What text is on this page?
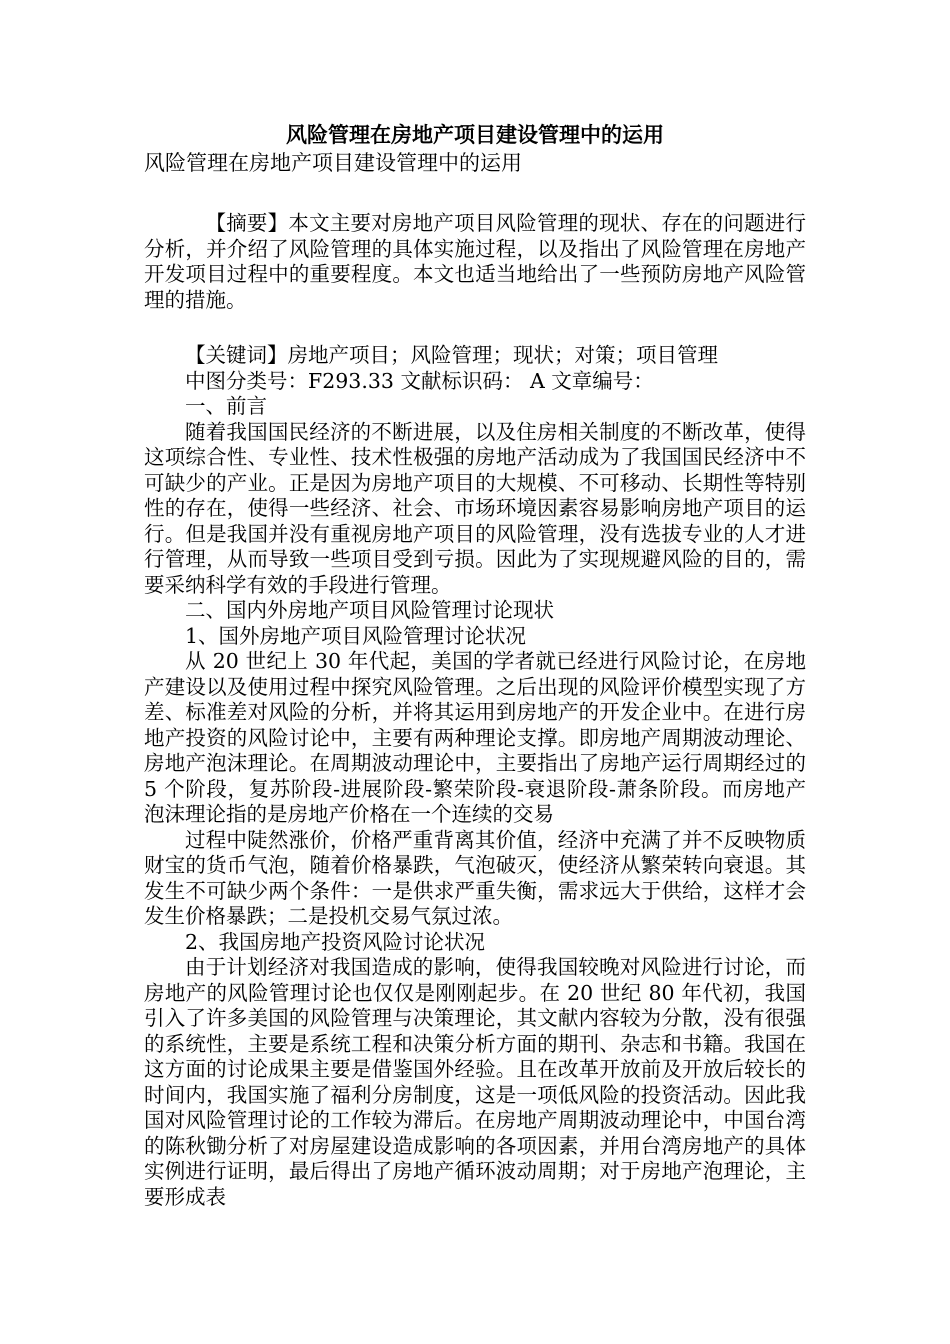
风险管理在房地产项目建设管理中的运用

风险管理在房地产项目建设管理中的运用

【摘要】本文主要对房地产项目风险管理的现状、存在的问题进行分析，并介绍了风险管理的具体实施过程，以及指出了风险管理在房地产开发项目过程中的重要程度。本文也适当地给出了一些预防房地产风险管理的措施。

【关键词】房地产项目；风险管理；现状；对策；项目管理

中图分类号：F293.33 文献标识码： A 文章编号：

一、前言

随着我国国民经济的不断进展，以及住房相关制度的不断改革，使得这项综合性、专业性、技术性极强的房地产活动成为了我国国民经济中不可缺少的产业。正是因为房地产项目的大规模、不可移动、长期性等特别性的存在，使得一些经济、社会、市场环境因素容易影响房地产项目的运行。但是我国并没有重视房地产项目的风险管理，没有选拔专业的人才进行管理，从而导致一些项目受到亏损。因此为了实现规避风险的目的，需要采纳科学有效的手段进行管理。

二、国内外房地产项目风险管理讨论现状

1、国外房地产项目风险管理讨论状况

从 20 世纪上 30 年代起，美国的学者就已经进行风险讨论，在房地产建设以及使用过程中探究风险管理。之后出现的风险评价模型实现了方差、标准差对风险的分析，并将其运用到房地产的开发企业中。在进行房地产投资的风险讨论中，主要有两种理论支撑。即房地产周期波动理论、房地产泡沫理论。在周期波动理论中，主要指出了房地产运行周期经过的 5 个阶段，复苏阶段-进展阶段-繁荣阶段-衰退阶段-萧条阶段。而房地产泡沫理论指的是房地产价格在一个连续的交易

过程中陡然涨价，价格严重背离其价值，经济中充满了并不反映物质财宝的货币气泡，随着价格暴跌，气泡破灭，使经济从繁荣转向衰退。其发生不可缺少两个条件：一是供求严重失衡，需求远大于供给，这样才会发生价格暴跌；二是投机交易气氛过浓。

2、我国房地产投资风险讨论状况

由于计划经济对我国造成的影响，使得我国较晚对风险进行讨论，而房地产的风险管理讨论也仅仅是刚刚起步。在 20 世纪 80 年代初，我国引入了许多美国的风险管理与决策理论，其文献内容较为分散，没有很强的系统性，主要是系统工程和决策分析方面的期刊、杂志和书籍。我国在这方面的讨论成果主要是借鉴国外经验。且在改革开放前及开放后较长的时间内，我国实施了福利分房制度，这是一项低风险的投资活动。因此我国对风险管理讨论的工作较为滞后。在房地产周期波动理论中，中国台湾的陈秋锄分析了对房屋建设造成影响的各项因素，并用台湾房地产的具体实例进行证明，最后得出了房地产循环波动周期；对于房地产泡理论，主要形成表
